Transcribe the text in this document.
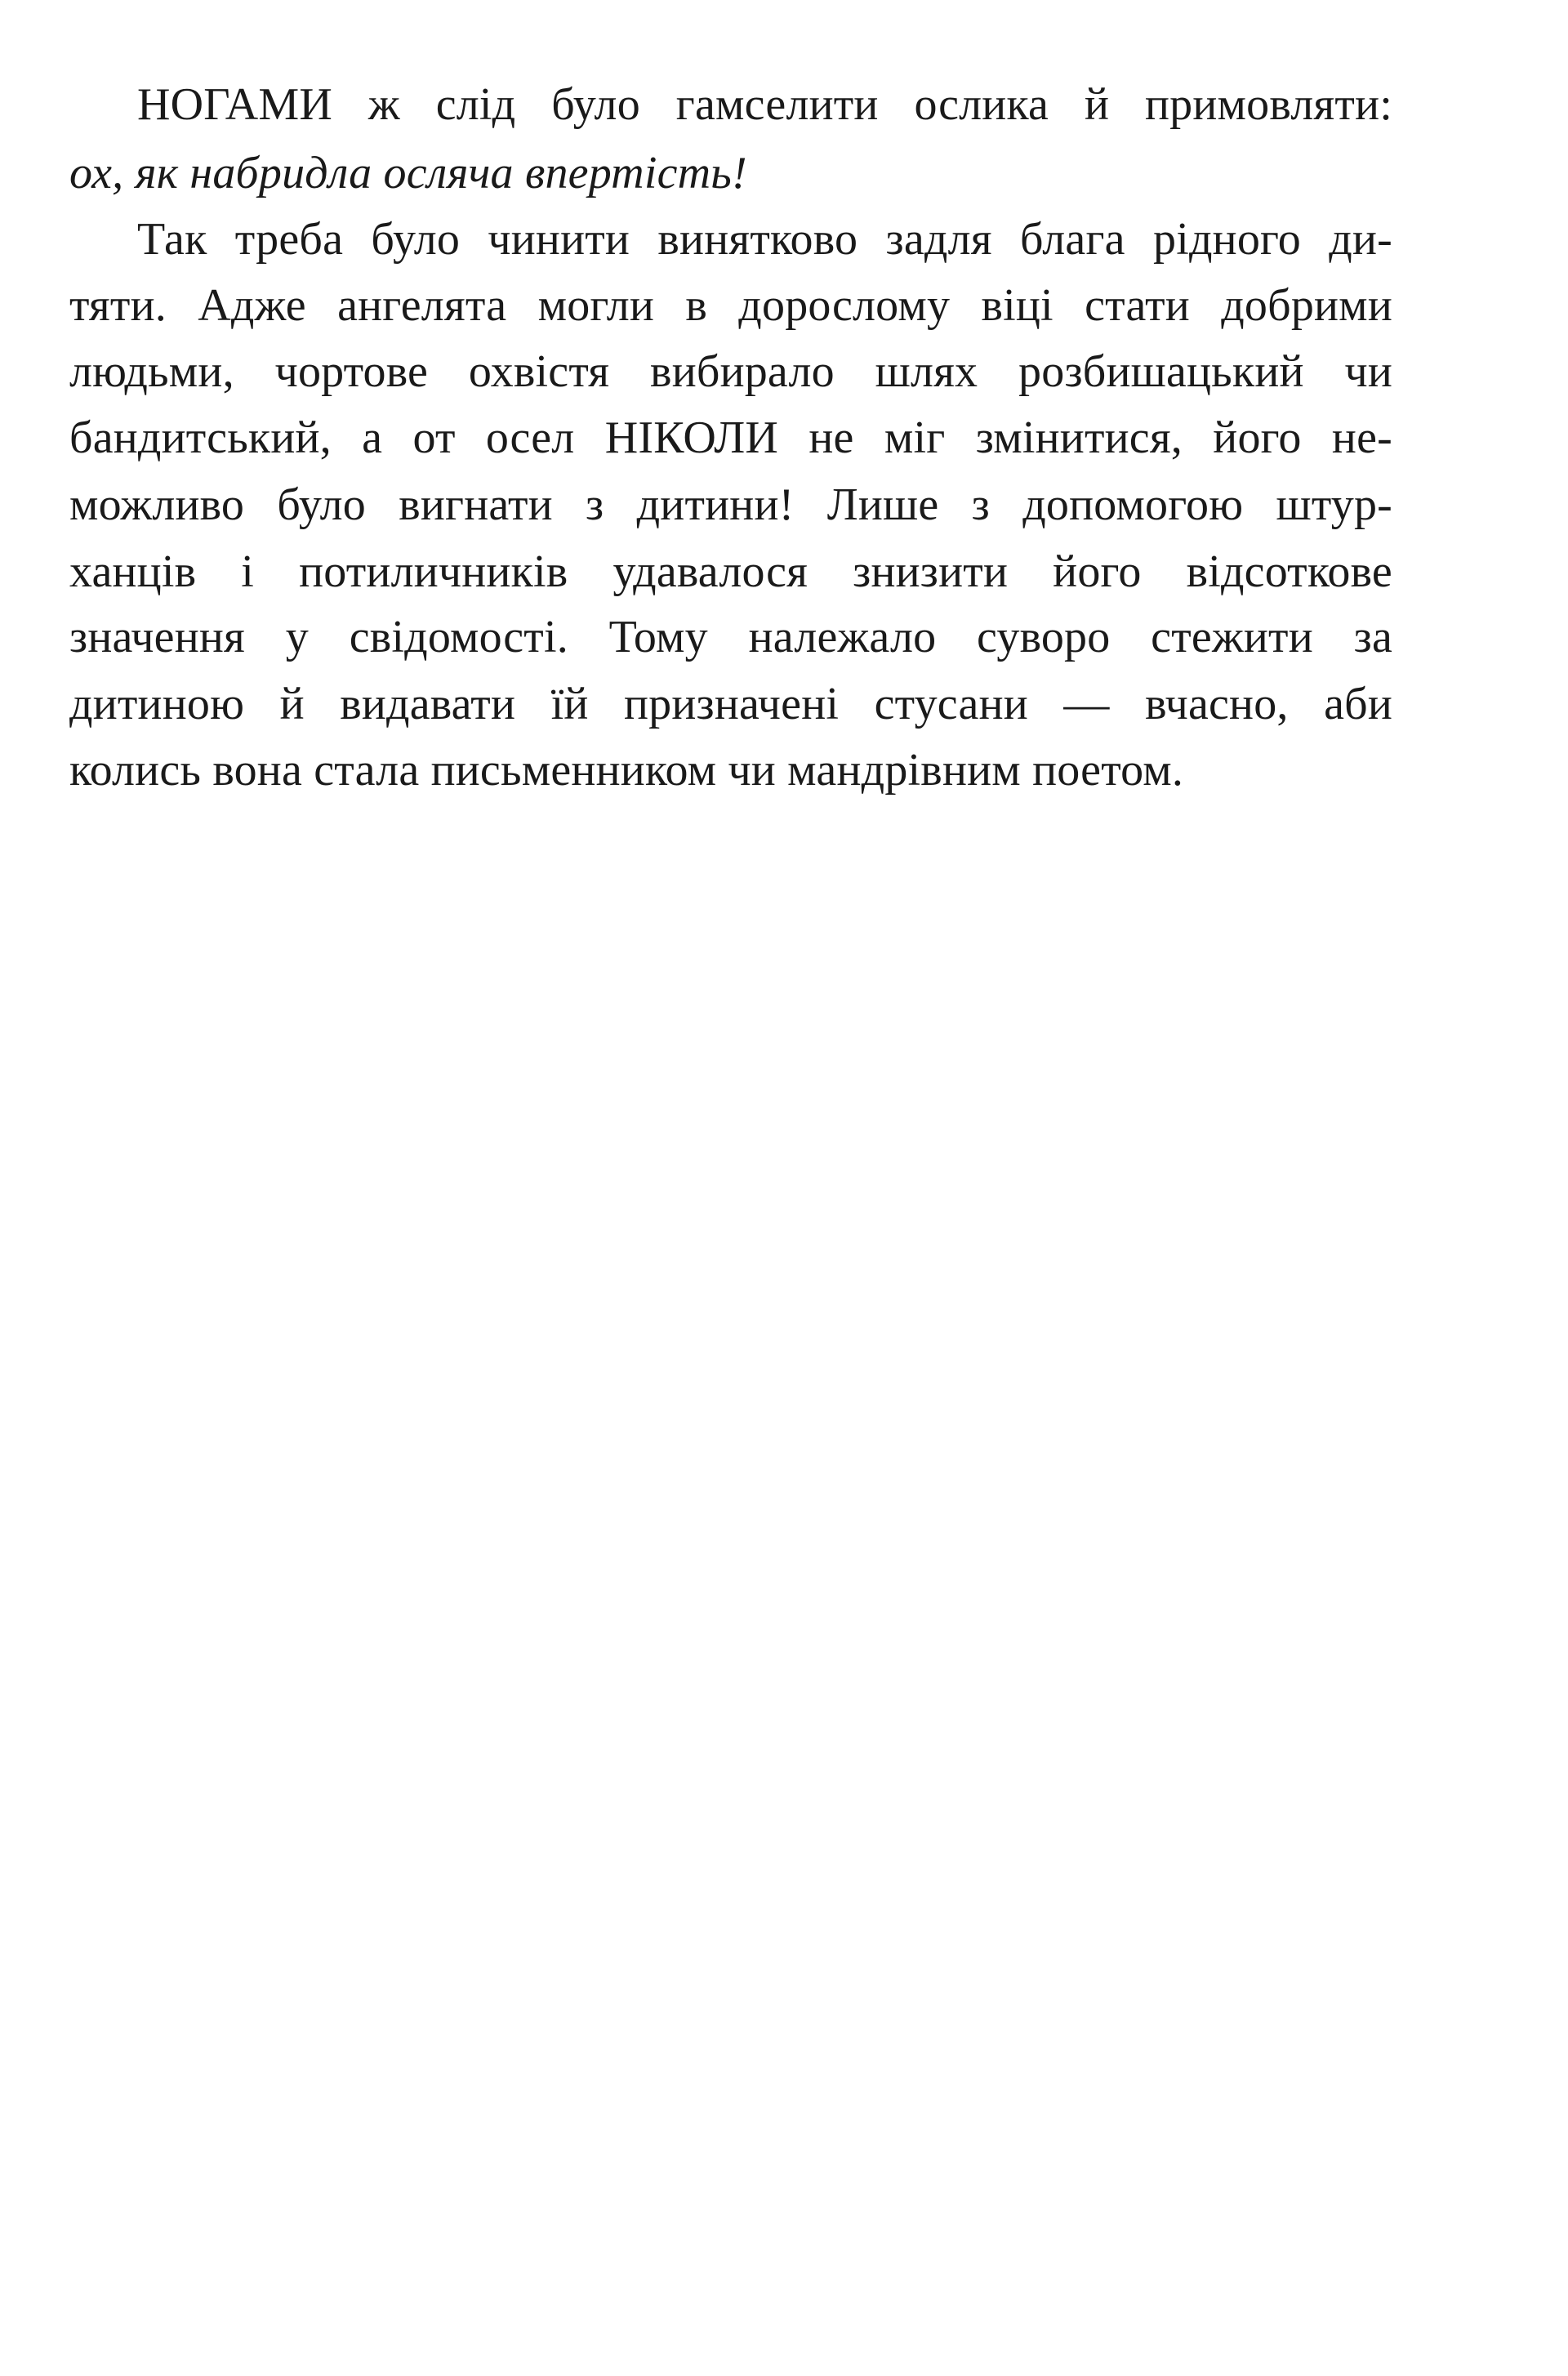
НОГАМИ ж слід було гамселити ослика й примовляти:
ох, як набридла осляча впертість!
Так треба було чинити винятково задля блага рідного ди-
тяти. Адже ангелята могли в дорослому віці стати добрими
людьми, чортове охвістя вибирало шлях розбишацький чи
бандитський, а от осел НІКОЛИ не міг змінитися, його не-
можливо було вигнати з дитини! Лише з допомогою штур-
ханців і потиличників удавалося знизити його відсоткове
значення у свідомості. Тому належало суворо стежити за
дитиною й видавати їй призначені стусани — вчасно, аби
колись вона стала письменником чи мандрівним поетом.
